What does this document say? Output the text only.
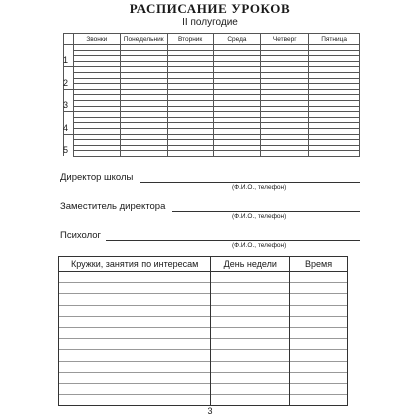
РАСПИСАНИЕ УРОКОВ
II полугодие
	Звонки	Понедельник	Вторник	Среда	Четверг	Пятница

1
2
3
4
5
Директор школы
(Ф.И.О., телефон)
Заместитель директора
(Ф.И.О., телефон)
Психолог
(Ф.И.О., телефон)
Кружки, занятия по интересам	День недели	Время

3
